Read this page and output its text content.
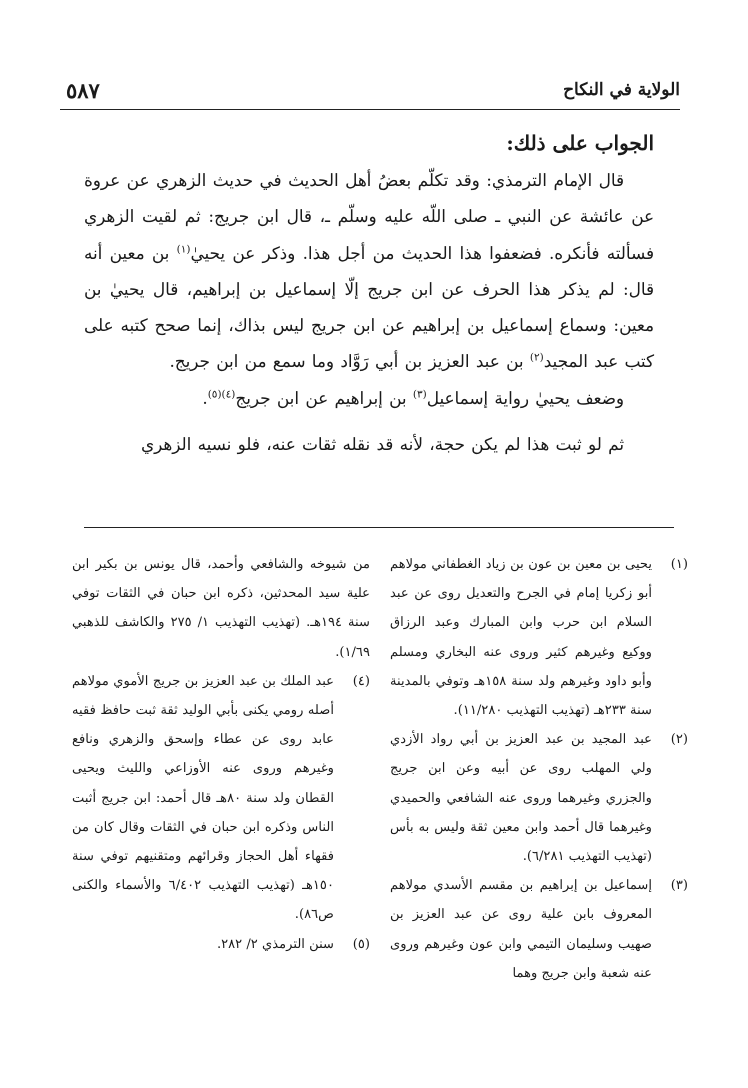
٥٨٧	الولاية في النكاح
الجواب على ذلك:

قال الإمام الترمذي: وقد تكلّم بعضُ أهل الحديث في حديث الزهري عن عروة عن عائشة عن النبي ـ صلى اللّه عليه وسلّم ـ، قال ابن جريج: ثم لقيت الزهري فسألته فأنكره. فضعفوا هذا الحديث من أجل هذا. وذكر عن يحييٰ$^{(١)}$ بن معين أنه قال: لم يذكر هذا الحرف عن ابن جريج إلّا إسماعيل بن إبراهيم، قال يحييٰ بن معين: وسماع إسماعيل بن إبراهيم عن ابن جريج ليس بذاك، إنما صحح كتبه على كتب عبد المجيد$^{(٢)}$ بن عبد العزيز بن أبي رَوَّاد وما سمع من ابن جريج.

وضعف يحييٰ رواية إسماعيل$^{(٣)}$ بن إبراهيم عن ابن جريج$^{(٤)(٥)}$.

ثم لو ثبت هذا لم يكن حجة، لأنه قد نقله ثقات عنه، فلو نسيه الزهري

(١)
يحيى بن معين بن عون بن زياد الغطفاني مولاهم أبو زكريا إمام في الجرح والتعديل روى عن عبد السلام ابن حرب وابن المبارك وعبد الرزاق ووكيع وغيرهم كثير وروى عنه البخاري ومسلم وأبو داود وغيرهم ولد سنة ١٥٨هـ وتوفي بالمدينة سنة ٢٣٣هـ (تهذيب التهذيب ١١/٢٨٠).
(٢)
عبد المجيد بن عبد العزيز بن أبي رواد الأزدي ولي المهلب روى عن أبيه وعن ابن جريج والجزري وغيرهما وروى عنه الشافعي والحميدي وغيرهما قال أحمد وابن معين ثقة وليس به بأس (تهذيب التهذيب ٦/٢٨١).
(٣)
إسماعيل بن إبراهيم بن مقسم الأسدي مولاهم المعروف بابن علية روى عن عبد العزيز بن صهيب وسليمان التيمي وابن عون وغيرهم وروى عنه شعبة وابن جريج وهما
من شيوخه والشافعي وأحمد، قال يونس بن بكير ابن علية سيد المحدثين، ذكره ابن حبان في الثقات توفي سنة ١٩٤هـ. (تهذيب التهذيب ١/ ٢٧٥ والكاشف للذهبي ١/٦٩).
(٤)
عبد الملك بن عبد العزيز بن جريج الأموي مولاهم أصله رومي يكنى بأبي الوليد ثقة ثبت حافظ فقيه عابد روى عن عطاء وإسحق والزهري ونافع وغيرهم وروى عنه الأوزاعي والليث ويحيى القطان ولد سنة ٨٠هـ قال أحمد: ابن جريج أثبت الناس وذكره ابن حبان في الثقات وقال كان من فقهاء أهل الحجاز وقرائهم ومتقنيهم توفي سنة ١٥٠هـ (تهذيب التهذيب ٦/٤٠٢ والأسماء والكنى ص٨٦).
(٥)
سنن الترمذي ٢/ ٢٨٢.
